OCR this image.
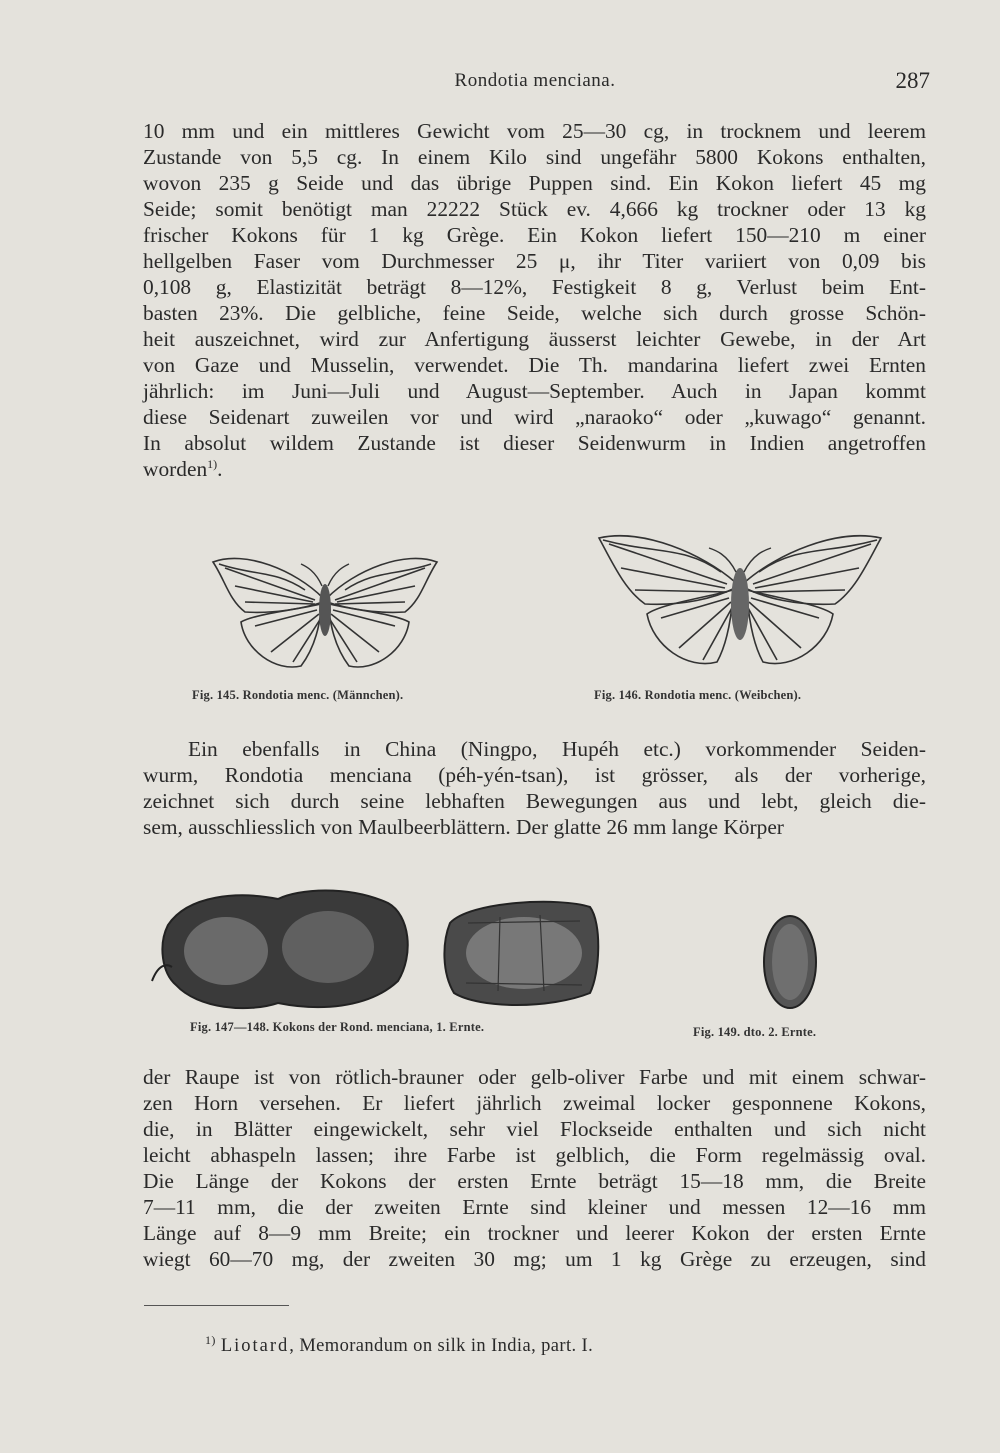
Rondotia menciana.	287
10 mm und ein mittleres Gewicht vom 25—30 cg, in trocknem und leerem
Zustande von 5,5 cg. In einem Kilo sind ungefähr 5800 Kokons enthalten,
wovon 235 g Seide und das übrige Puppen sind. Ein Kokon liefert 45 mg
Seide; somit benötigt man 22222 Stück ev. 4,666 kg trockner oder 13 kg
frischer Kokons für 1 kg Grège. Ein Kokon liefert 150—210 m einer
hellgelben Faser vom Durchmesser 25 μ, ihr Titer variiert von 0,09 bis
0,108 g, Elastizität beträgt 8—12%, Festigkeit 8 g, Verlust beim Ent-
basten 23%. Die gelbliche, feine Seide, welche sich durch grosse Schön-
heit auszeichnet, wird zur Anfertigung äusserst leichter Gewebe, in der Art
von Gaze und Musselin, verwendet. Die Th. mandarina liefert zwei Ernten
jährlich: im Juni—Juli und August—September. Auch in Japan kommt
diese Seidenart zuweilen vor und wird „naraoko“ oder „kuwago“ genannt.
In absolut wildem Zustande ist dieser Seidenwurm in Indien angetroffen
worden$^{1)}$.
Fig. 145. Rondotia menc. (Männchen).	Fig. 146. Rondotia menc. (Weibchen).
Ein ebenfalls in China (Ningpo, Hupéh etc.) vorkommender Seiden-
wurm, Rondotia menciana (péh-yén-tsan), ist grösser, als der vorherige,
zeichnet sich durch seine lebhaften Bewegungen aus und lebt, gleich die-
sem, ausschliesslich von Maulbeerblättern. Der glatte 26 mm lange Körper
Fig. 147—148. Kokons der Rond. menciana, 1. Ernte.	Fig. 149. dto. 2. Ernte.
der Raupe ist von rötlich-brauner oder gelb-oliver Farbe und mit einem schwar-
zen Horn versehen. Er liefert jährlich zweimal locker gesponnene Kokons,
die, in Blätter eingewickelt, sehr viel Flockseide enthalten und sich nicht
leicht abhaspeln lassen; ihre Farbe ist gelblich, die Form regelmässig oval.
Die Länge der Kokons der ersten Ernte beträgt 15—18 mm, die Breite
7—11 mm, die der zweiten Ernte sind kleiner und messen 12—16 mm
Länge auf 8—9 mm Breite; ein trockner und leerer Kokon der ersten Ernte
wiegt 60—70 mg, der zweiten 30 mg; um 1 kg Grège zu erzeugen, sind
$^{1)}$ Liotard, Memorandum on silk in India, part. I.
